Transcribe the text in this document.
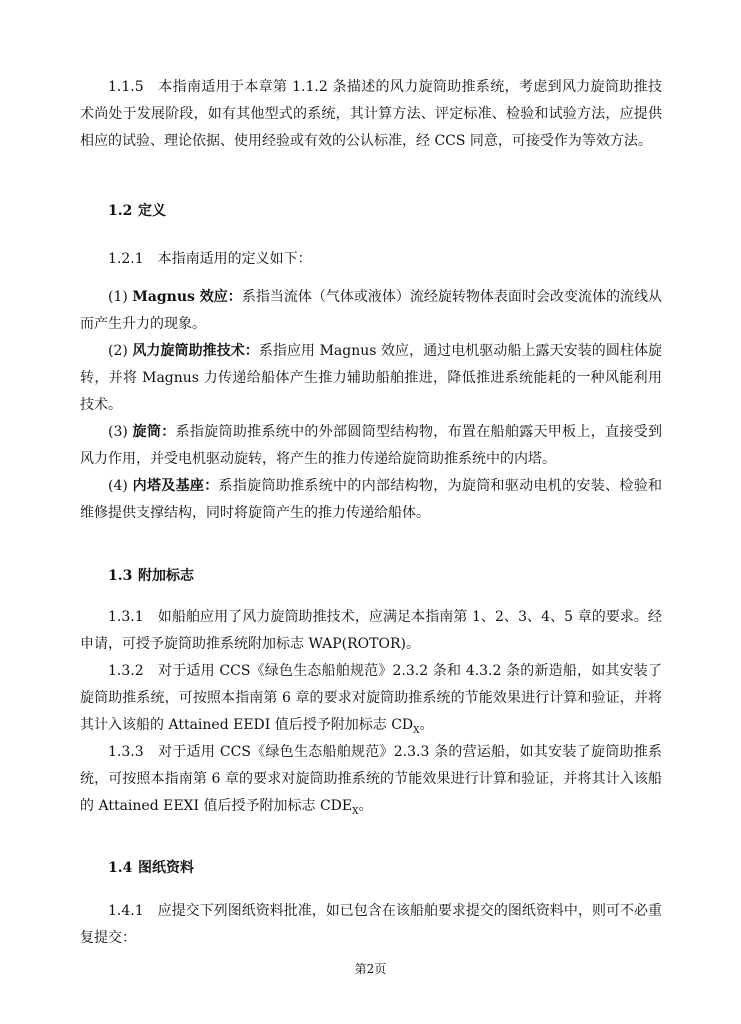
1.1.5　本指南适用于本章第 1.1.2 条描述的风力旋筒助推系统，考虑到风力旋筒助推技术尚处于发展阶段，如有其他型式的系统，其计算方法、评定标准、检验和试验方法，应提供相应的试验、理论依据、使用经验或有效的公认标准，经 CCS 同意，可接受作为等效方法。

1.2 定义

1.2.1　本指南适用的定义如下：

(1) Magnus 效应：系指当流体（气体或液体）流经旋转物体表面时会改变流体的流线从而产生升力的现象。

(2) 风力旋筒助推技术：系指应用 Magnus 效应，通过电机驱动船上露天安装的圆柱体旋转，并将 Magnus 力传递给船体产生推力辅助船舶推进，降低推进系统能耗的一种风能利用技术。

(3) 旋筒：系指旋筒助推系统中的外部圆筒型结构物，布置在船舶露天甲板上，直接受到风力作用，并受电机驱动旋转，将产生的推力传递给旋筒助推系统中的内塔。

(4) 内塔及基座：系指旋筒助推系统中的内部结构物，为旋筒和驱动电机的安装、检验和维修提供支撑结构，同时将旋筒产生的推力传递给船体。

1.3 附加标志

1.3.1　如船舶应用了风力旋筒助推技术，应满足本指南第 1、2、3、4、5 章的要求。经申请，可授予旋筒助推系统附加标志 WAP(ROTOR)。

1.3.2　对于适用 CCS《绿色生态船舶规范》2.3.2 条和 4.3.2 条的新造船，如其安装了旋筒助推系统，可按照本指南第 6 章的要求对旋筒助推系统的节能效果进行计算和验证，并将其计入该船的 Attained EEDI 值后授予附加标志 $CD_X$。

1.3.3　对于适用 CCS《绿色生态船舶规范》2.3.3 条的营运船，如其安装了旋筒助推系统，可按照本指南第 6 章的要求对旋筒助推系统的节能效果进行计算和验证，并将其计入该船的 Attained EEXI 值后授予附加标志 $CDE_X$。

1.4 图纸资料

1.4.1　应提交下列图纸资料批准，如已包含在该船舶要求提交的图纸资料中，则可不必重复提交：

第2页
